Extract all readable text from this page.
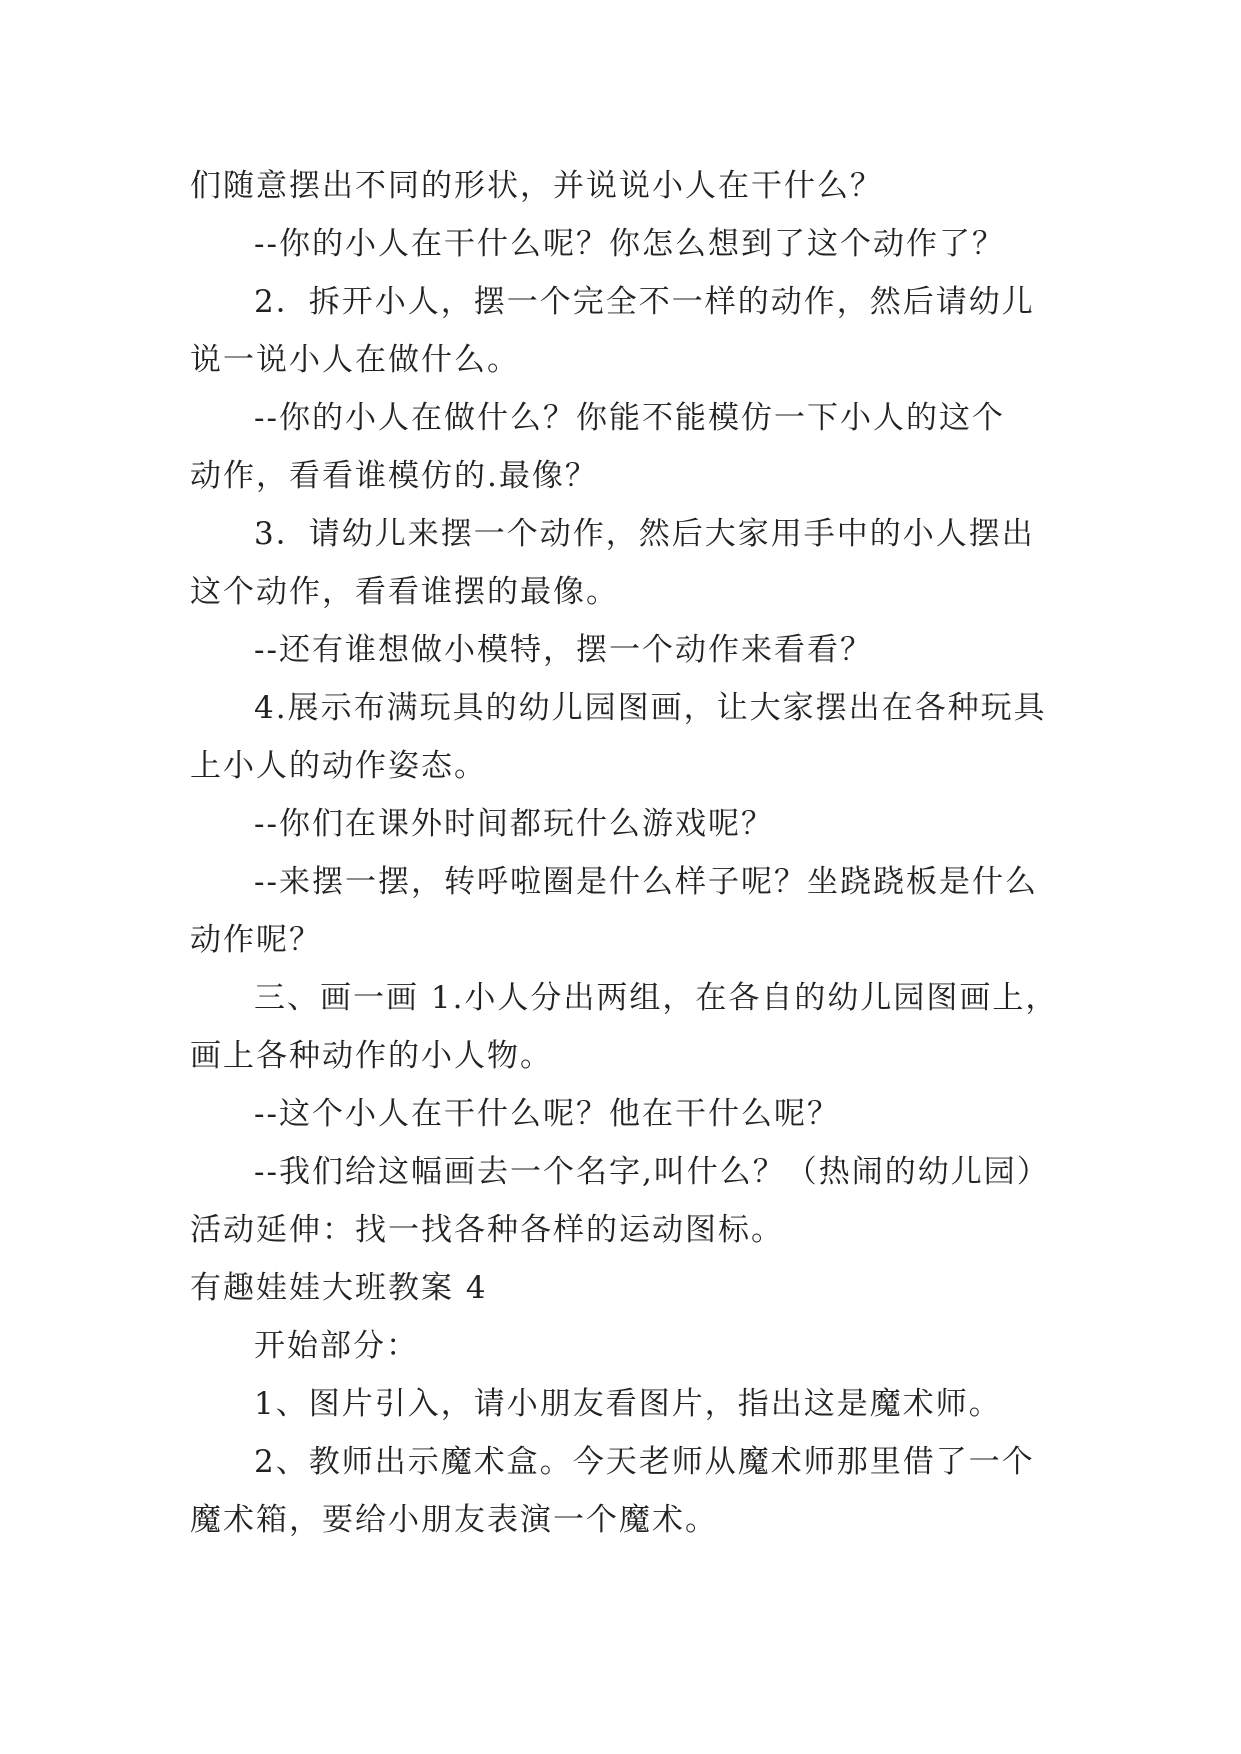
们随意摆出不同的形状，并说说小人在干什么？
--你的小人在干什么呢？你怎么想到了这个动作了？
2．拆开小人，摆一个完全不一样的动作，然后请幼儿
说一说小人在做什么。
--你的小人在做什么？你能不能模仿一下小人的这个
动作，看看谁模仿的.最像？
3．请幼儿来摆一个动作，然后大家用手中的小人摆出
这个动作，看看谁摆的最像。
--还有谁想做小模特，摆一个动作来看看？
4.展示布满玩具的幼儿园图画，让大家摆出在各种玩具
上小人的动作姿态。
--你们在课外时间都玩什么游戏呢？
--来摆一摆，转呼啦圈是什么样子呢？坐跷跷板是什么
动作呢？
三、画一画 1.小人分出两组，在各自的幼儿园图画上，
画上各种动作的小人物。
--这个小人在干什么呢？他在干什么呢？
--我们给这幅画去一个名字,叫什么？（热闹的幼儿园）
活动延伸：找一找各种各样的运动图标。
有趣娃娃大班教案 4
开始部分：
1、图片引入，请小朋友看图片，指出这是魔术师。
2、教师出示魔术盒。今天老师从魔术师那里借了一个
魔术箱，要给小朋友表演一个魔术。
